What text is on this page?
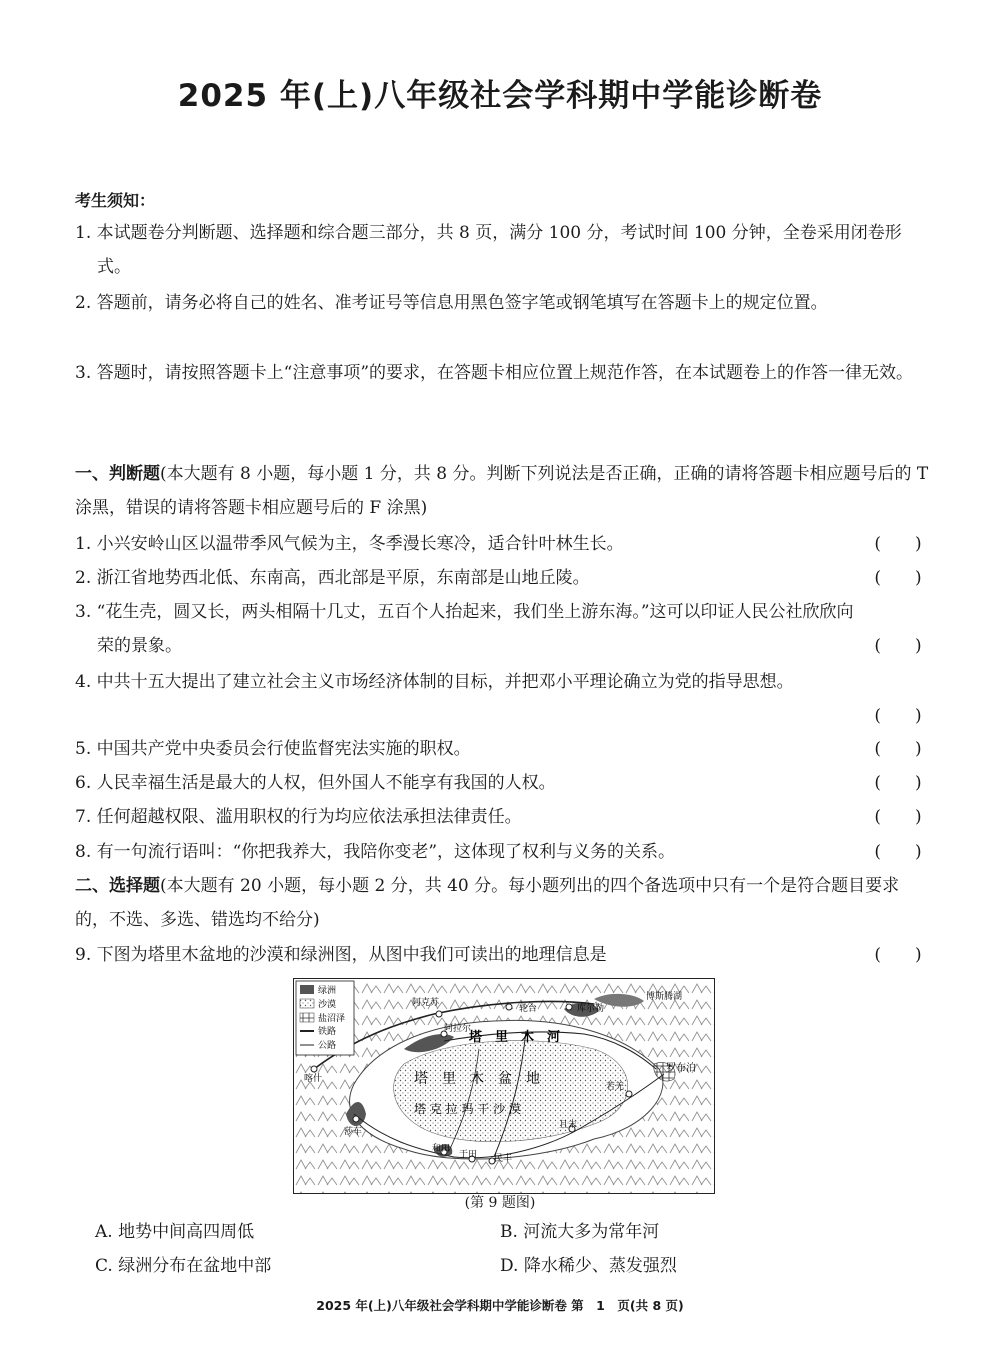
2025 年(上)八年级社会学科期中学能诊断卷
考生须知：
1. 本试题卷分判断题、选择题和综合题三部分，共 8 页，满分 100 分，考试时间 100 分钟，全卷采用闭卷形式。
2. 答题前，请务必将自己的姓名、准考证号等信息用黑色签字笔或钢笔填写在答题卡上的规定位置。
3. 答题时，请按照答题卡上“注意事项”的要求，在答题卡相应位置上规范作答，在本试题卷上的作答一律无效。
一、判断题(本大题有 8 小题，每小题 1 分，共 8 分。判断下列说法是否正确，正确的请将答题卡相应题号后的 T 涂黑，错误的请将答题卡相应题号后的 F 涂黑)
1. 小兴安岭山区以温带季风气候为主，冬季漫长寒冷，适合针叶林生长。	(　　)
2. 浙江省地势西北低、东南高，西北部是平原，东南部是山地丘陵。	(　　)
3. “花生壳，圆又长，两头相隔十几丈，五百个人抬起来，我们坐上游东海。”这可以印证人民公社欣欣向荣的景象。	(　　)
4. 中共十五大提出了建立社会主义市场经济体制的目标，并把邓小平理论确立为党的指导思想。
(　　)
5. 中国共产党中央委员会行使监督宪法实施的职权。	(　　)
6. 人民幸福生活是最大的人权，但外国人不能享有我国的人权。	(　　)
7. 任何超越权限、滥用职权的行为均应依法承担法律责任。	(　　)
8. 有一句流行语叫：“你把我养大，我陪你变老”，这体现了权利与义务的关系。	(　　)
二、选择题(本大题有 20 小题，每小题 2 分，共 40 分。每小题列出的四个备选项中只有一个是符合题目要求的，不选、多选、错选均不给分)
9. 下图为塔里木盆地的沙漠和绿洲图，从图中我们可读出的地理信息是	(　　)
绿洲
沙漠
盐沼泽
铁路
公路
阿克苏
阿拉尔
轮台	库尔勒
博斯腾湖
喀什
莎车
和田
于田 民丰
且末
若羌
罗布泊
塔　里　木　河
塔　里　木　盆　地
塔 克 拉 玛 干 沙 漠
(第 9 题图)
A. 地势中间高四周低	B. 河流大多为常年河
C. 绿洲分布在盆地中部	D. 降水稀少、蒸发强烈
2025 年(上)八年级社会学科期中学能诊断卷 第　1　页(共 8 页)
